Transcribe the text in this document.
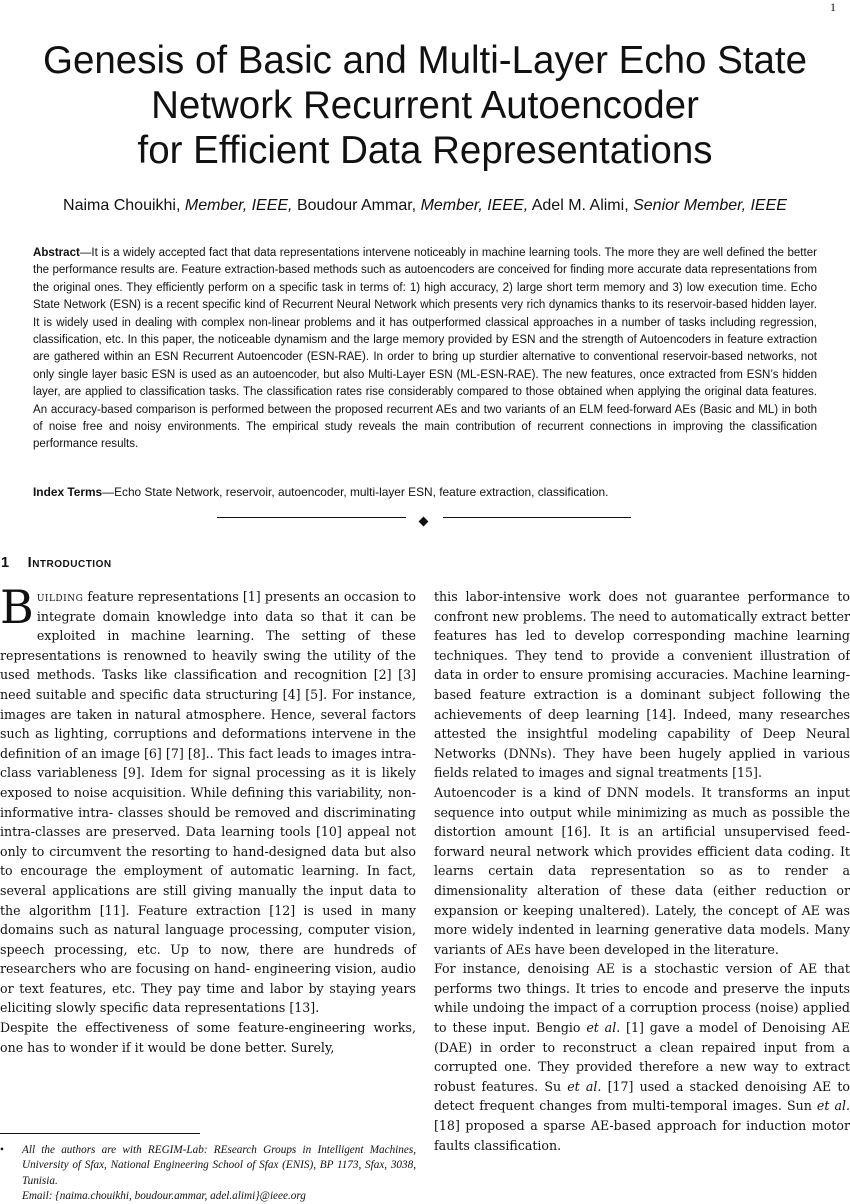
1
Genesis of Basic and Multi-Layer Echo State
Network Recurrent Autoencoder
for Efficient Data Representations
Naima Chouikhi, Member, IEEE, Boudour Ammar, Member, IEEE, Adel M. Alimi, Senior Member, IEEE

Abstract—It is a widely accepted fact that data representations intervene noticeably in machine learning tools. The more they are well defined the better the performance results are. Feature extraction-based methods such as autoencoders are conceived for finding more accurate data representations from the original ones. They efficiently perform on a specific task in terms of: 1) high accuracy, 2) large short term memory and 3) low execution time. Echo State Network (ESN) is a recent specific kind of Recurrent Neural Network which presents very rich dynamics thanks to its reservoir-based hidden layer. It is widely used in dealing with complex non-linear problems and it has outperformed classical approaches in a number of tasks including regression, classification, etc. In this paper, the noticeable dynamism and the large memory provided by ESN and the strength of Autoencoders in feature extraction are gathered within an ESN Recurrent Autoencoder (ESN-RAE). In order to bring up sturdier alternative to conventional reservoir-based networks, not only single layer basic ESN is used as an autoencoder, but also Multi-Layer ESN (ML-ESN-RAE). The new features, once extracted from ESN’s hidden layer, are applied to classification tasks. The classification rates rise considerably compared to those obtained when applying the original data features. An accuracy-based comparison is performed between the proposed recurrent AEs and two variants of an ELM feed-forward AEs (Basic and ML) in both of noise free and noisy environments. The empirical study reveals the main contribution of recurrent connections in improving the classification performance results.

Index Terms—Echo State Network, reservoir, autoencoder, multi-layer ESN, feature extraction, classification.

1 Introduction

Building feature representations [1] presents an occasion to integrate domain knowledge into data so that it can be exploited in machine learning. The setting of these representations is renowned to heavily swing the utility of the used methods. Tasks like classification and recognition [2] [3] need suitable and specific data structuring [4] [5]. For instance, images are taken in natural atmosphere. Hence, several factors such as lighting, corruptions and deformations intervene in the definition of an image [6] [7] [8].. This fact leads to images intra-class variableness [9]. Idem for signal processing as it is likely exposed to noise acquisition. While defining this variability, non-informative intra- classes should be removed and discriminating intra-classes are preserved. Data learning tools [10] appeal not only to circumvent the resorting to hand-designed data but also to encourage the employment of automatic learning. In fact, several applications are still giving manually the input data to the algorithm [11]. Feature extraction [12] is used in many domains such as natural language processing, computer vision, speech processing, etc. Up to now, there are hundreds of researchers who are focusing on hand- engineering vision, audio or text features, etc. They pay time and labor by staying years eliciting slowly specific data representations [13].

Despite the effectiveness of some feature-engineering works, one has to wonder if it would be done better. Surely,

this labor-intensive work does not guarantee performance to confront new problems. The need to automatically extract better features has led to develop corresponding machine learning techniques. They tend to provide a convenient illustration of data in order to ensure promising accuracies. Machine learning-based feature extraction is a dominant subject following the achievements of deep learning [14]. Indeed, many researches attested the insightful modeling capability of Deep Neural Networks (DNNs). They have been hugely applied in various fields related to images and signal treatments [15].

Autoencoder is a kind of DNN models. It transforms an input sequence into output while minimizing as much as possible the distortion amount [16]. It is an artificial unsupervised feed-forward neural network which provides efficient data coding. It learns certain data representation so as to render a dimensionality alteration of these data (either reduction or expansion or keeping unaltered). Lately, the concept of AE was more widely indented in learning generative data models. Many variants of AEs have been developed in the literature.

For instance, denoising AE is a stochastic version of AE that performs two things. It tries to encode and preserve the inputs while undoing the impact of a corruption process (noise) applied to these input. Bengio et al. [1] gave a model of Denoising AE (DAE) in order to reconstruct a clean repaired input from a corrupted one. They provided therefore a new way to extract robust features. Su et al. [17] used a stacked denoising AE to detect frequent changes from multi-temporal images. Sun et al. [18] proposed a sparse AE-based approach for induction motor faults classification.

•	All the authors are with REGIM-Lab: REsearch Groups in Intelligent Machines, University of Sfax, National Engineering School of Sfax (ENIS), BP 1173, Sfax, 3038, Tunisia.
Email: {naima.chouikhi, boudour.ammar, adel.alimi}@ieee.org
